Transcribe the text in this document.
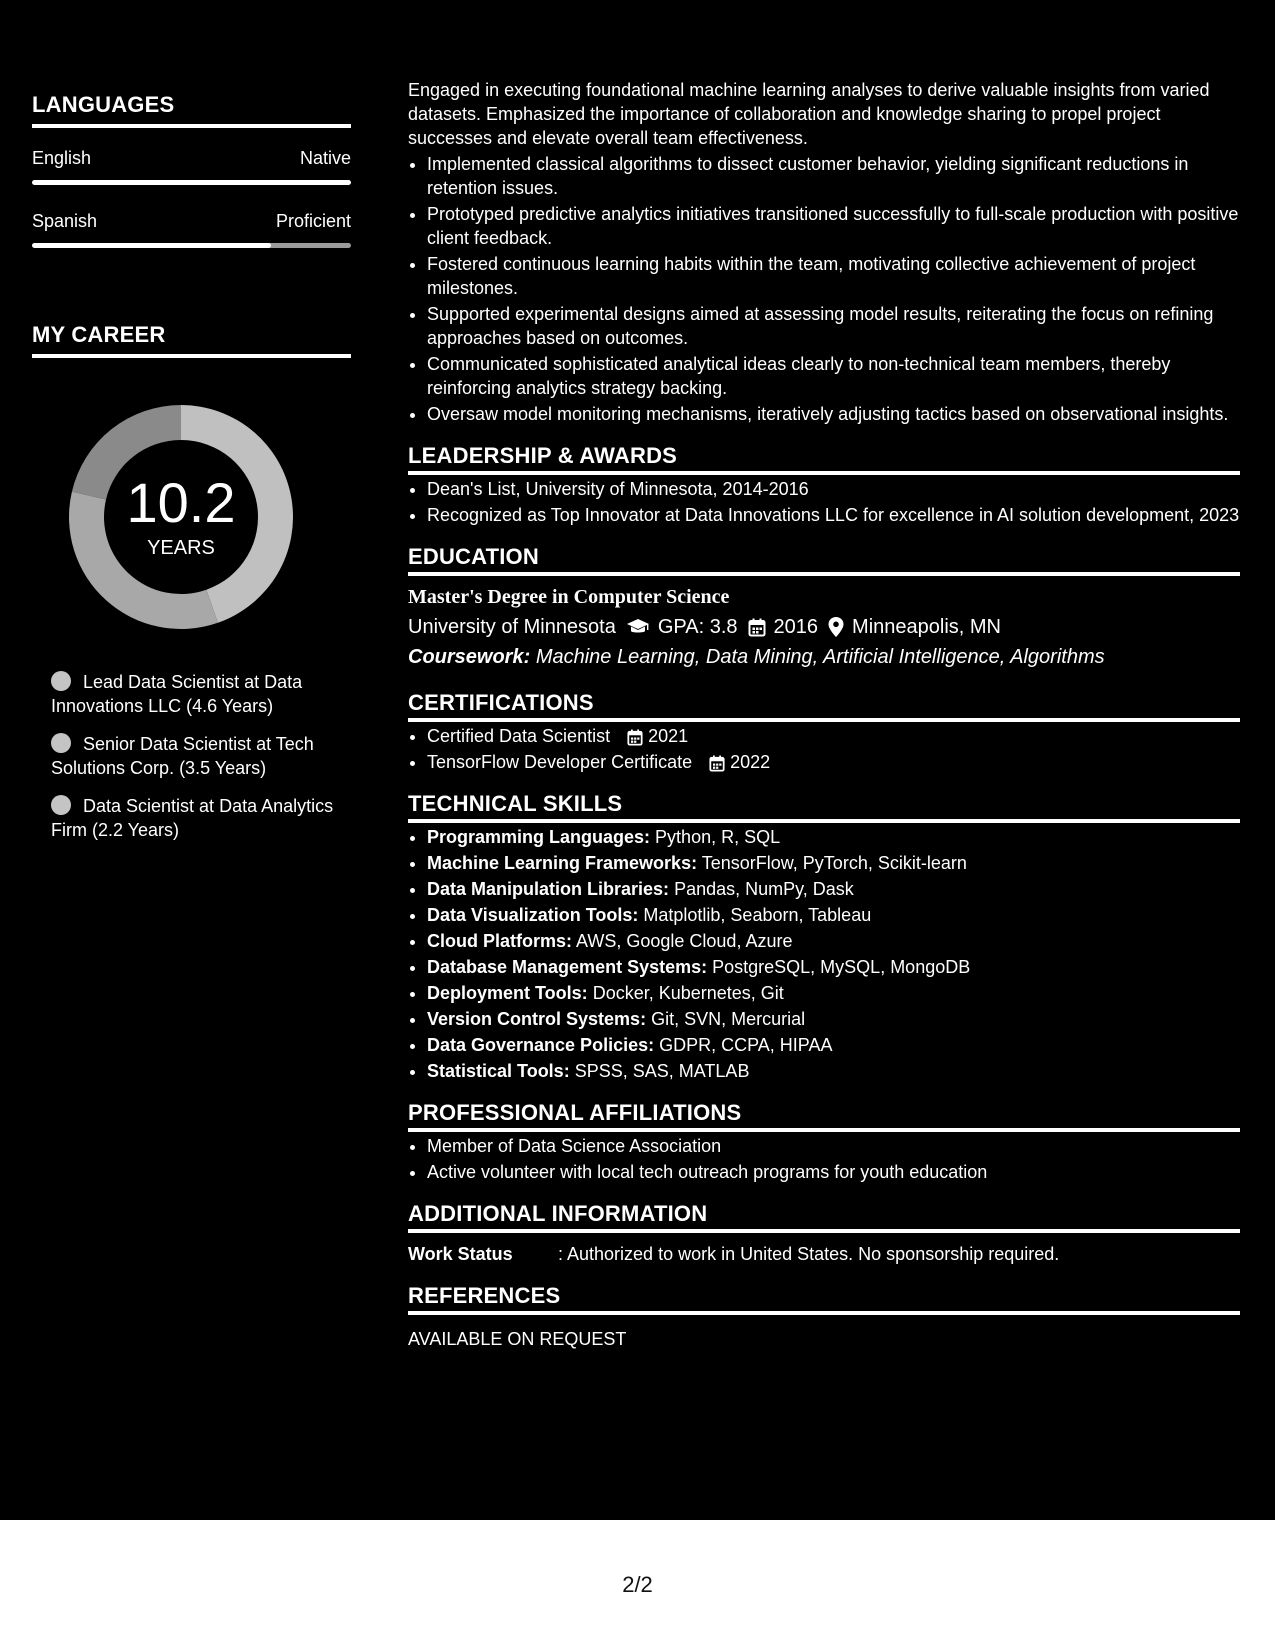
LANGUAGES
English	Native
Spanish	Proficient
MY CAREER
10.2
YEARS
Lead Data Scientist at Data Innovations LLC (4.6 Years)
Senior Data Scientist at Tech Solutions Corp. (3.5 Years)
Data Scientist at Data Analytics Firm (2.2 Years)

Engaged in executing foundational machine learning analyses to derive valuable insights from varied datasets. Emphasized the importance of collaboration and knowledge sharing to propel project successes and elevate overall team effectiveness.

• Implemented classical algorithms to dissect customer behavior, yielding significant reductions in retention issues.
• Prototyped predictive analytics initiatives transitioned successfully to full-scale production with positive client feedback.
• Fostered continuous learning habits within the team, motivating collective achievement of project milestones.
• Supported experimental designs aimed at assessing model results, reiterating the focus on refining approaches based on outcomes.
• Communicated sophisticated analytical ideas clearly to non-technical team members, thereby reinforcing analytics strategy backing.
• Oversaw model monitoring mechanisms, iteratively adjusting tactics based on observational insights.
LEADERSHIP & AWARDS
• Dean's List, University of Minnesota, 2014-2016
• Recognized as Top Innovator at Data Innovations LLC for excellence in AI solution development, 2023
EDUCATION
Master's Degree in Computer Science
University of Minnesota GPA: 3.8 2016 Minneapolis, MN
Coursework: Machine Learning, Data Mining, Artificial Intelligence, Algorithms
CERTIFICATIONS
• Certified Data Scientist 2021
• TensorFlow Developer Certificate 2022
TECHNICAL SKILLS
• Programming Languages: Python, R, SQL
• Machine Learning Frameworks: TensorFlow, PyTorch, Scikit-learn
• Data Manipulation Libraries: Pandas, NumPy, Dask
• Data Visualization Tools: Matplotlib, Seaborn, Tableau
• Cloud Platforms: AWS, Google Cloud, Azure
• Database Management Systems: PostgreSQL, MySQL, MongoDB
• Deployment Tools: Docker, Kubernetes, Git
• Version Control Systems: Git, SVN, Mercurial
• Data Governance Policies: GDPR, CCPA, HIPAA
• Statistical Tools: SPSS, SAS, MATLAB
PROFESSIONAL AFFILIATIONS
• Member of Data Science Association
• Active volunteer with local tech outreach programs for youth education
ADDITIONAL INFORMATION
Work Status	: Authorized to work in United States. No sponsorship required.
REFERENCES
AVAILABLE ON REQUEST
2/2
